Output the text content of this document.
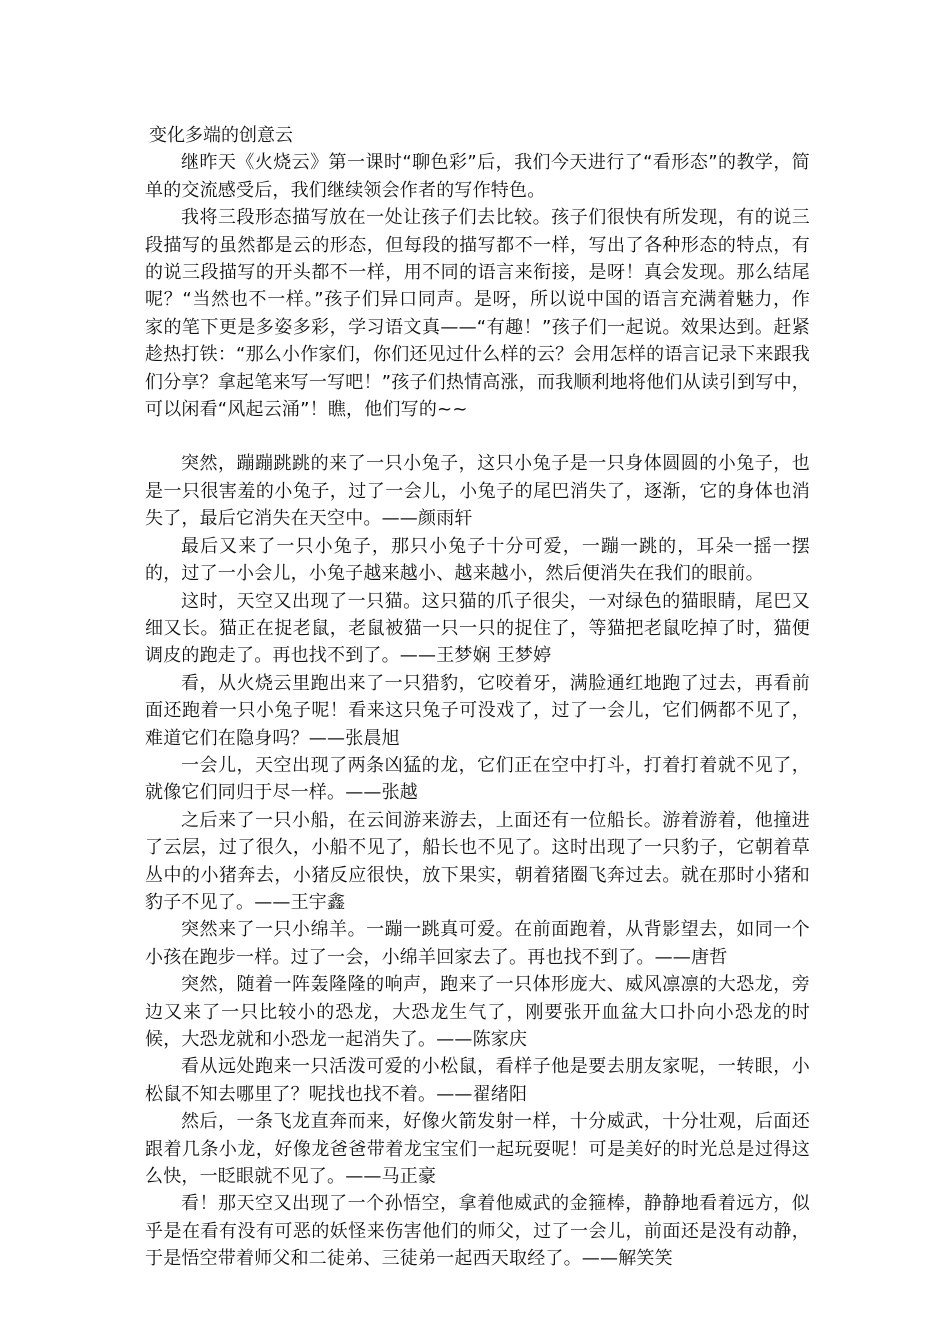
变化多端的创意云

继昨天《火烧云》第一课时“聊色彩”后，我们今天进行了“看形态”的教学，简单的交流感受后，我们继续领会作者的写作特色。

我将三段形态描写放在一处让孩子们去比较。孩子们很快有所发现，有的说三段描写的虽然都是云的形态，但每段的描写都不一样，写出了各种形态的特点，有的说三段描写的开头都不一样，用不同的语言来衔接，是呀！真会发现。那么结尾呢？“当然也不一样。”孩子们异口同声。是呀，所以说中国的语言充满着魅力，作家的笔下更是多姿多彩，学习语文真——“有趣！”孩子们一起说。效果达到。赶紧趁热打铁：“那么小作家们，你们还见过什么样的云？会用怎样的语言记录下来跟我们分享？拿起笔来写一写吧！”孩子们热情高涨，而我顺利地将他们从读引到写中，可以闲看“风起云涌”！瞧，他们写的~~

突然，蹦蹦跳跳的来了一只小兔子，这只小兔子是一只身体圆圆的小兔子，也是一只很害羞的小兔子，过了一会儿，小兔子的尾巴消失了，逐渐，它的身体也消失了，最后它消失在天空中。——颜雨轩

最后又来了一只小兔子，那只小兔子十分可爱，一蹦一跳的，耳朵一摇一摆的，过了一小会儿，小兔子越来越小、越来越小，然后便消失在我们的眼前。

这时，天空又出现了一只猫。这只猫的爪子很尖，一对绿色的猫眼睛，尾巴又细又长。猫正在捉老鼠，老鼠被猫一只一只的捉住了，等猫把老鼠吃掉了时，猫便调皮的跑走了。再也找不到了。——王梦娴 王梦婷

看，从火烧云里跑出来了一只猎豹，它咬着牙，满脸通红地跑了过去，再看前面还跑着一只小兔子呢！看来这只兔子可没戏了，过了一会儿，它们俩都不见了，难道它们在隐身吗？——张晨旭

一会儿，天空出现了两条凶猛的龙，它们正在空中打斗，打着打着就不见了，就像它们同归于尽一样。——张越

之后来了一只小船，在云间游来游去，上面还有一位船长。游着游着，他撞进了云层，过了很久，小船不见了，船长也不见了。这时出现了一只豹子，它朝着草丛中的小猪奔去，小猪反应很快，放下果实，朝着猪圈飞奔过去。就在那时小猪和豹子不见了。——王宇鑫

突然来了一只小绵羊。一蹦一跳真可爱。在前面跑着，从背影望去，如同一个小孩在跑步一样。过了一会，小绵羊回家去了。再也找不到了。——唐哲

突然，随着一阵轰隆隆的响声，跑来了一只体形庞大、威风凛凛的大恐龙，旁边又来了一只比较小的恐龙，大恐龙生气了，刚要张开血盆大口扑向小恐龙的时候，大恐龙就和小恐龙一起消失了。——陈家庆

看从远处跑来一只活泼可爱的小松鼠，看样子他是要去朋友家呢，一转眼，小松鼠不知去哪里了？呢找也找不着。——翟绪阳

然后，一条飞龙直奔而来，好像火箭发射一样，十分威武，十分壮观，后面还跟着几条小龙，好像龙爸爸带着龙宝宝们一起玩耍呢！可是美好的时光总是过得这么快，一眨眼就不见了。——马正豪

看！那天空又出现了一个孙悟空，拿着他威武的金箍棒，静静地看着远方，似乎是在看有没有可恶的妖怪来伤害他们的师父，过了一会儿，前面还是没有动静，于是悟空带着师父和二徒弟、三徒弟一起西天取经了。——解笑笑
